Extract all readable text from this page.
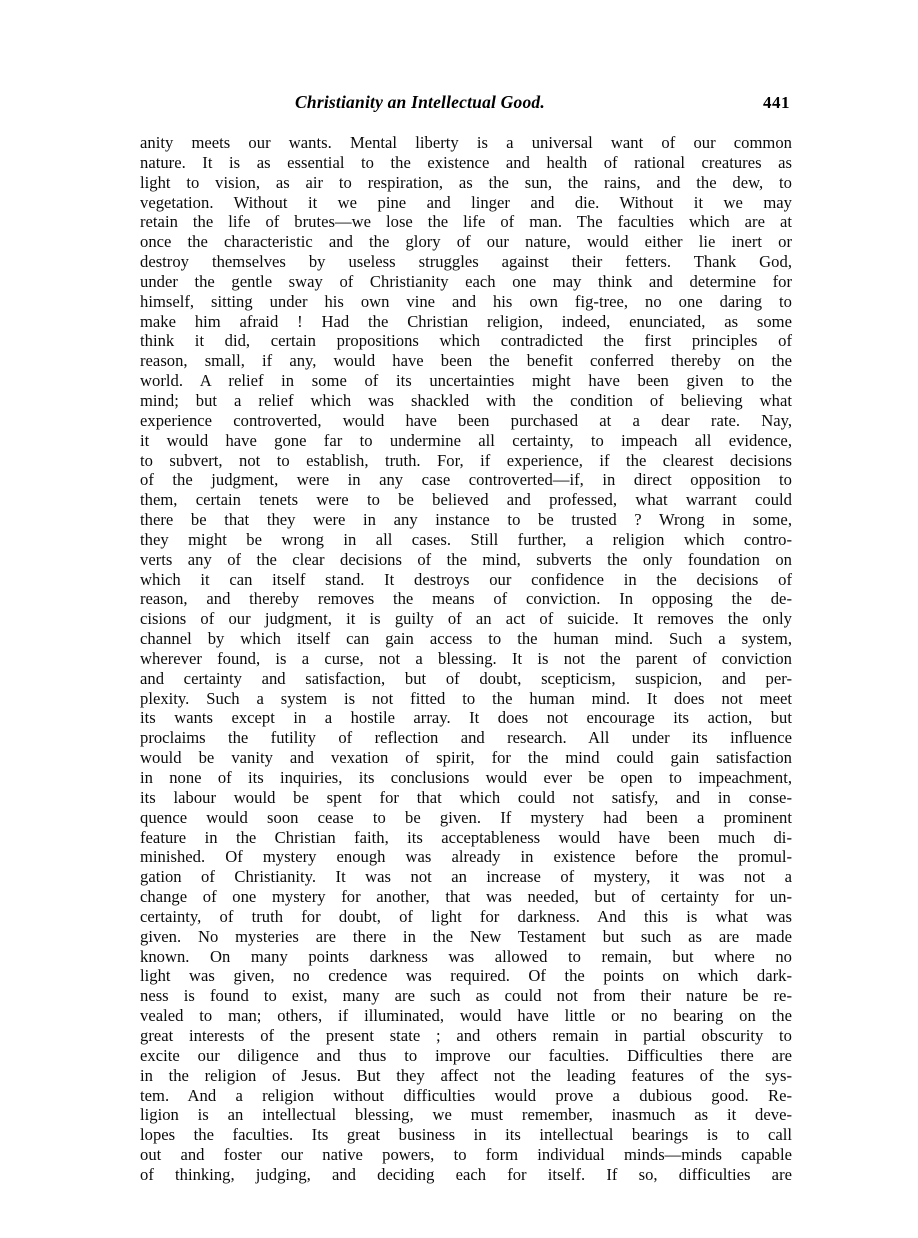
Christianity an Intellectual Good.	441
anity meets our wants. Mental liberty is a universal want of our common
nature. It is as essential to the existence and health of rational creatures as
light to vision, as air to respiration, as the sun, the rains, and the dew, to
vegetation. Without it we pine and linger and die. Without it we may
retain the life of brutes—we lose the life of man. The faculties which are at
once the characteristic and the glory of our nature, would either lie inert or
destroy themselves by useless struggles against their fetters. Thank God,
under the gentle sway of Christianity each one may think and determine for
himself, sitting under his own vine and his own fig-tree, no one daring to
make him afraid ! Had the Christian religion, indeed, enunciated, as some
think it did, certain propositions which contradicted the first principles of
reason, small, if any, would have been the benefit conferred thereby on the
world. A relief in some of its uncertainties might have been given to the
mind; but a relief which was shackled with the condition of believing what
experience controverted, would have been purchased at a dear rate. Nay,
it would have gone far to undermine all certainty, to impeach all evidence,
to subvert, not to establish, truth. For, if experience, if the clearest decisions
of the judgment, were in any case controverted—if, in direct opposition to
them, certain tenets were to be believed and professed, what warrant could
there be that they were in any instance to be trusted ? Wrong in some,
they might be wrong in all cases. Still further, a religion which contro-
verts any of the clear decisions of the mind, subverts the only foundation on
which it can itself stand. It destroys our confidence in the decisions of
reason, and thereby removes the means of conviction. In opposing the de-
cisions of our judgment, it is guilty of an act of suicide. It removes the only
channel by which itself can gain access to the human mind. Such a system,
wherever found, is a curse, not a blessing. It is not the parent of conviction
and certainty and satisfaction, but of doubt, scepticism, suspicion, and per-
plexity. Such a system is not fitted to the human mind. It does not meet
its wants except in a hostile array. It does not encourage its action, but
proclaims the futility of reflection and research. All under its influence
would be vanity and vexation of spirit, for the mind could gain satisfaction
in none of its inquiries, its conclusions would ever be open to impeachment,
its labour would be spent for that which could not satisfy, and in conse-
quence would soon cease to be given. If mystery had been a prominent
feature in the Christian faith, its acceptableness would have been much di-
minished. Of mystery enough was already in existence before the promul-
gation of Christianity. It was not an increase of mystery, it was not a
change of one mystery for another, that was needed, but of certainty for un-
certainty, of truth for doubt, of light for darkness. And this is what was
given. No mysteries are there in the New Testament but such as are made
known. On many points darkness was allowed to remain, but where no
light was given, no credence was required. Of the points on which dark-
ness is found to exist, many are such as could not from their nature be re-
vealed to man; others, if illuminated, would have little or no bearing on the
great interests of the present state ; and others remain in partial obscurity to
excite our diligence and thus to improve our faculties. Difficulties there are
in the religion of Jesus. But they affect not the leading features of the sys-
tem. And a religion without difficulties would prove a dubious good. Re-
ligion is an intellectual blessing, we must remember, inasmuch as it deve-
lopes the faculties. Its great business in its intellectual bearings is to call
out and foster our native powers, to form individual minds—minds capable
of thinking, judging, and deciding each for itself. If so, difficulties are
